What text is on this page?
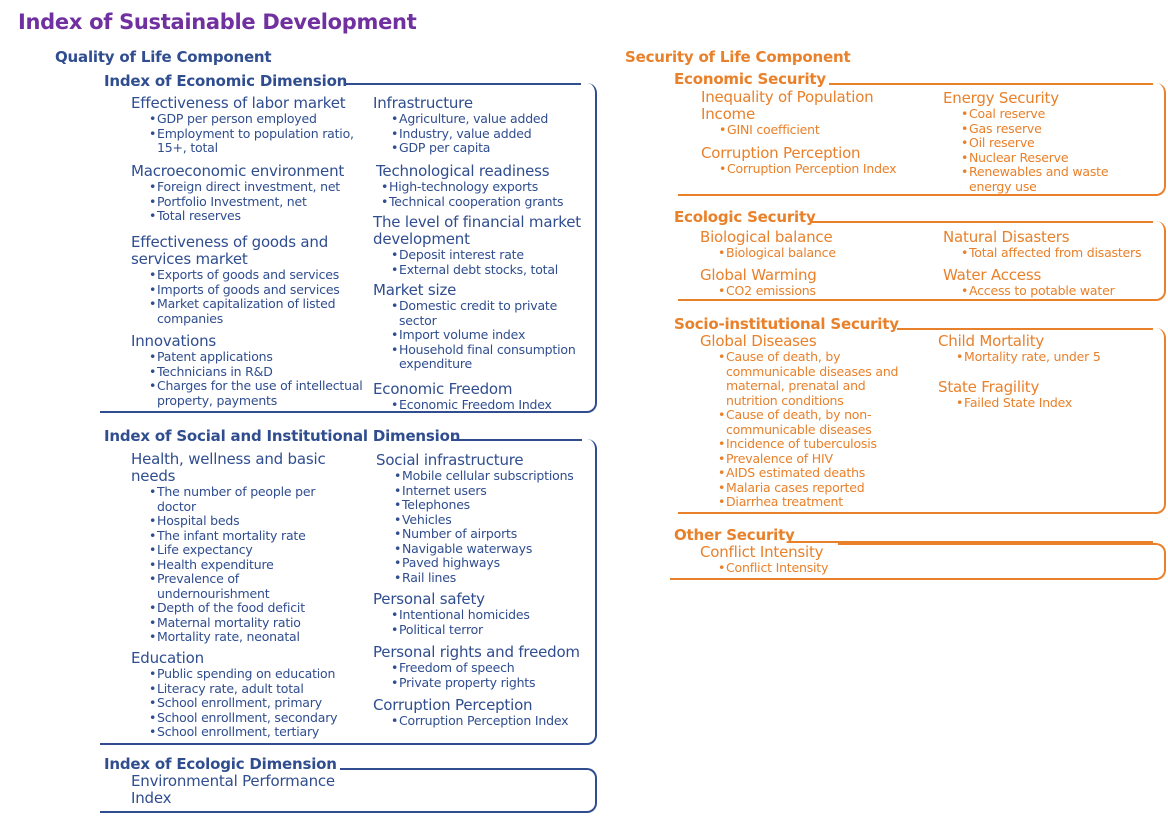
Index of Sustainable Development
Quality of Life Component
Index of Economic Dimension
Effectiveness of labor market
• GDP per person employed
• Employment to population ratio, 15+, total
Macroeconomic environment
• Foreign direct investment, net
• Portfolio Investment, net
• Total reserves
Effectiveness of goods and services market
• Exports of goods and services
• Imports of goods and services
• Market capitalization of listed companies
Innovations
• Patent applications
• Technicians in R&D
• Charges for the use of intellectual property, payments
Infrastructure
• Agriculture, value added
• Industry, value added
• GDP per capita
Technological readiness
• High-technology exports
• Technical cooperation grants
The level of financial market development
• Deposit interest rate
• External debt stocks, total
Market size
• Domestic credit to private sector
• Import volume index
• Household final consumption expenditure
Economic Freedom
• Economic Freedom Index
Index of Social and Institutional Dimension
Health, wellness and basic needs
• The number of people per doctor
• Hospital beds
• The infant mortality rate
• Life expectancy
• Health expenditure
• Prevalence of undernourishment
• Depth of the food deficit
• Maternal mortality ratio
• Mortality rate, neonatal
Education
• Public spending on education
• Literacy rate, adult total
• School enrollment, primary
• School enrollment, secondary
• School enrollment, tertiary
Social infrastructure
• Mobile cellular subscriptions
• Internet users
• Telephones
• Vehicles
• Number of airports
• Navigable waterways
• Paved highways
• Rail lines
Personal safety
• Intentional homicides
• Political terror
Personal rights and freedom
• Freedom of speech
• Private property rights
Corruption Perception
• Corruption Perception Index
Index of Ecologic Dimension
Environmental Performance Index
Security of Life Component
Economic Security
Inequality of Population Income
• GINI coefficient
Corruption Perception
• Corruption Perception Index
Energy Security
• Coal reserve
• Gas reserve
• Oil reserve
• Nuclear Reserve
• Renewables and waste energy use
Ecologic Security
Biological balance
• Biological balance
Global Warming
• CO2 emissions
Natural Disasters
• Total affected from disasters
Water Access
• Access to potable water
Socio-institutional Security
Global Diseases
• Cause of death, by communicable diseases and maternal, prenatal and nutrition conditions
• Cause of death, by non-communicable diseases
• Incidence of tuberculosis
• Prevalence of HIV
• AIDS estimated deaths
• Malaria cases reported
• Diarrhea treatment
Child Mortality
• Mortality rate, under 5
State Fragility
• Failed State Index
Other Security
Conflict Intensity
• Conflict Intensity
